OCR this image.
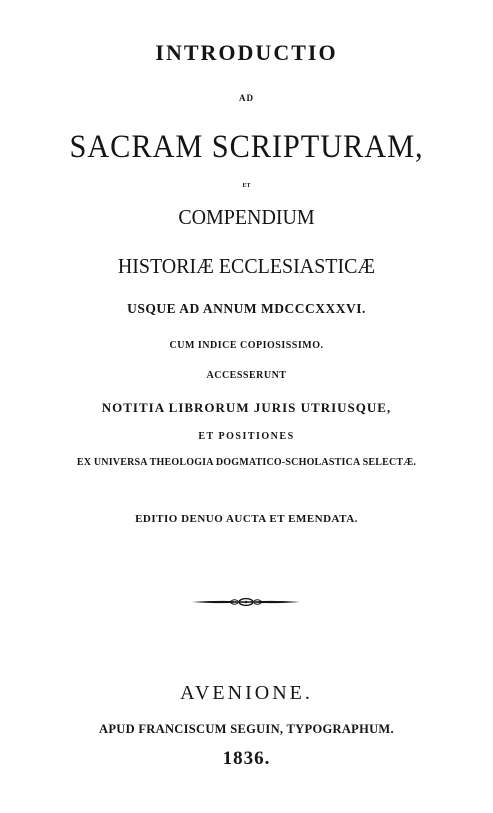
INTRODUCTIO

AD

SACRAM SCRIPTURAM,

ET

COMPENDIUM

HISTORIÆ ECCLESIASTICÆ

USQUE AD ANNUM MDCCCXXXVI.

CUM INDICE COPIOSISSIMO.

ACCESSERUNT

NOTITIA LIBRORUM JURIS UTRIUSQUE,

ET POSITIONES

EX UNIVERSA THEOLOGIA DOGMATICO-SCHOLASTICA SELECTÆ.

EDITIO DENUO AUCTA ET EMENDATA.

AVENIONE.

APUD FRANCISCUM SEGUIN, TYPOGRAPHUM.

1836.
